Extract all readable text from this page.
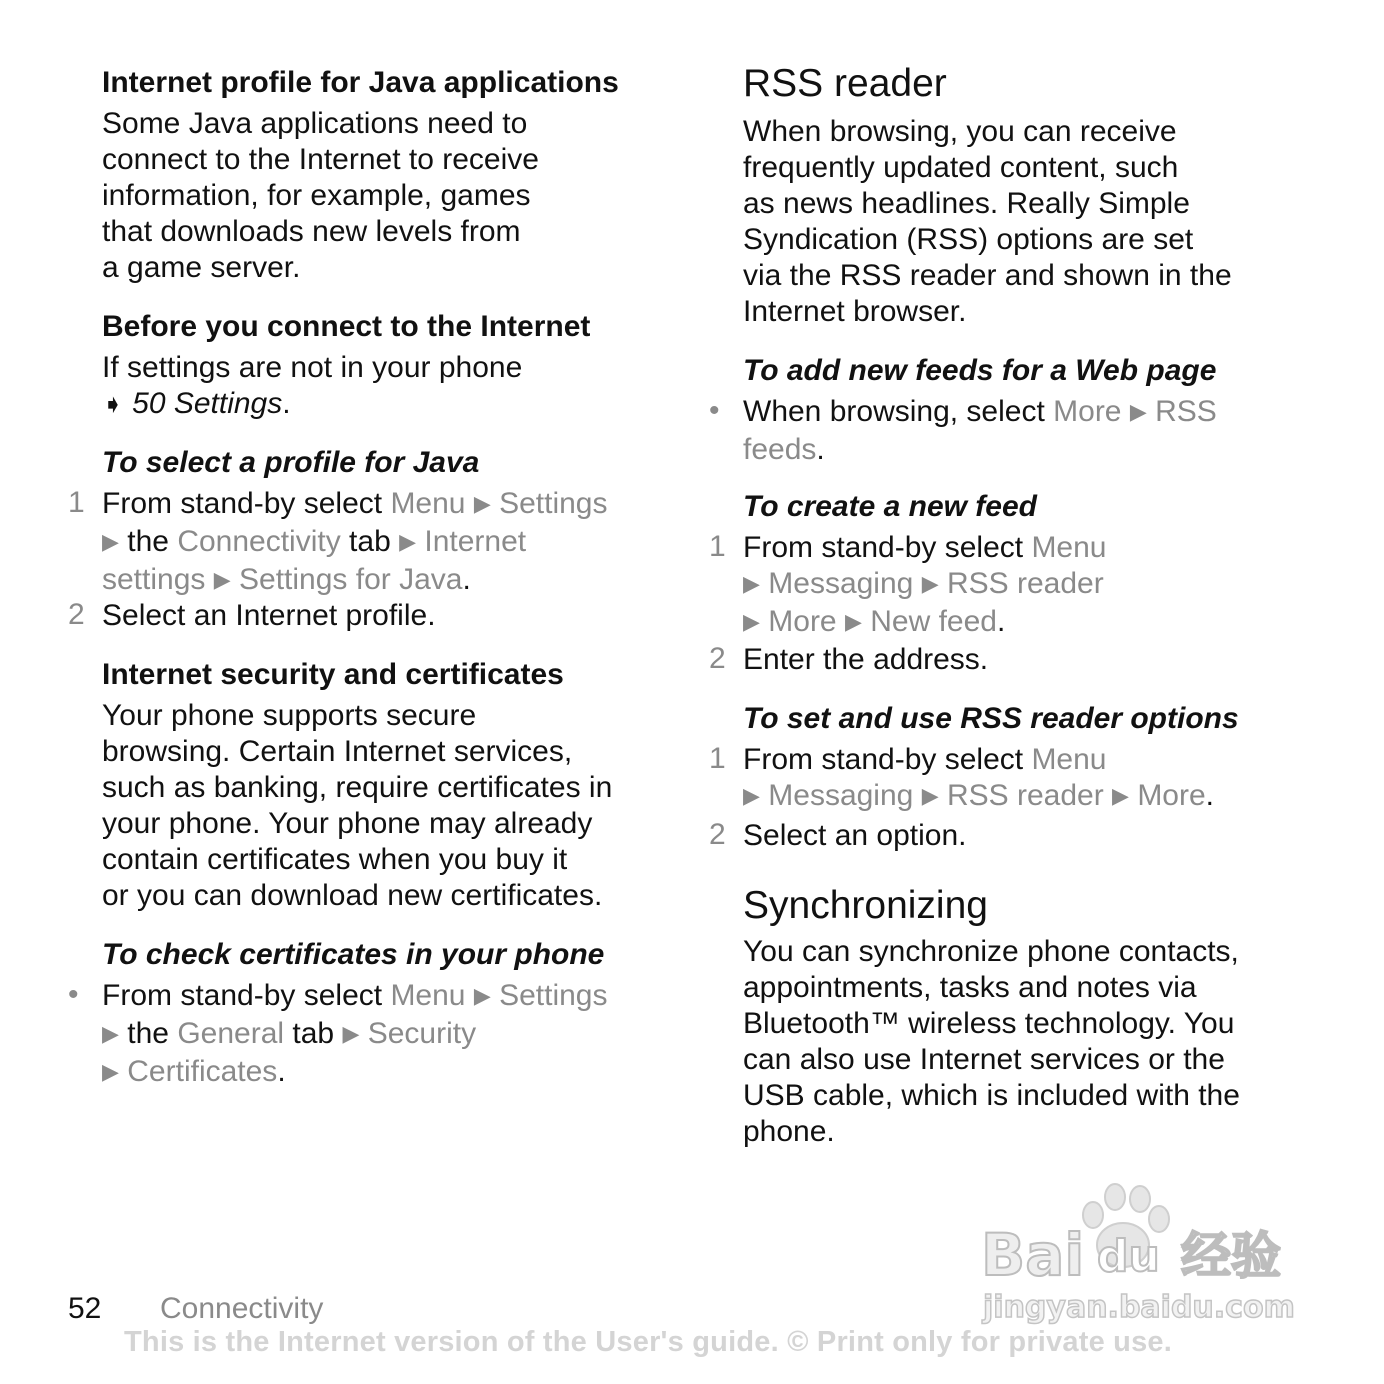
Internet profile for Java applications
Some Java applications need to
connect to the Internet to receive
information, for example, games
that downloads new levels from
a game server.
Before you connect to the Internet
If settings are not in your phone
➧ 50 Settings.
To select a profile for Java
1 From stand-by select Menu ▶ Settings
▶ the Connectivity tab ▶ Internet
settings ▶ Settings for Java.
2 Select an Internet profile.
Internet security and certificates
Your phone supports secure
browsing. Certain Internet services,
such as banking, require certificates in
your phone. Your phone may already
contain certificates when you buy it
or you can download new certificates.
To check certificates in your phone
• From stand-by select Menu ▶ Settings
▶ the General tab ▶ Security
▶ Certificates.
RSS reader
When browsing, you can receive
frequently updated content, such
as news headlines. Really Simple
Syndication (RSS) options are set
via the RSS reader and shown in the
Internet browser.
To add new feeds for a Web page
• When browsing, select More ▶ RSS
feeds.
To create a new feed
1 From stand-by select Menu
▶ Messaging ▶ RSS reader
▶ More ▶ New feed.
2 Enter the address.
To set and use RSS reader options
1 From stand-by select Menu
▶ Messaging ▶ RSS reader ▶ More.
2 Select an option.
Synchronizing
You can synchronize phone contacts,
appointments, tasks and notes via
Bluetooth™ wireless technology. You
can also use Internet services or the
USB cable, which is included with the
phone.
Bai du 经验
jingyan.baidu.com
52 Connectivity
This is the Internet version of the User's guide. © Print only for private use.
